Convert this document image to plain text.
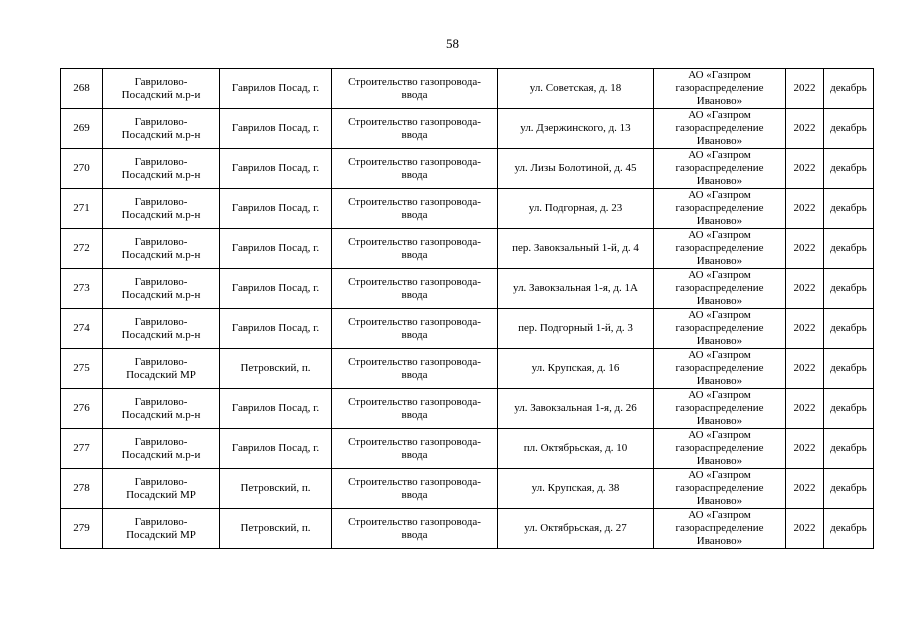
58
268	Гаврилово-
Посадский м.р-и	Гаврилов Посад, г.	Строительство газопровода-
ввода	ул. Советская, д. 18	АО «Газпром
газораспределение
Иваново»	2022	декабрь
269	Гаврилово-
Посадский м.р-н	Гаврилов Посад, г.	Строительство газопровода-
ввода	ул. Дзержинского, д. 13	АО «Газпром
газораспределение
Иваново»	2022	декабрь
270	Гаврилово-
Посадский м.р-н	Гаврилов Посад, г.	Строительство газопровода-
ввода	ул. Лизы Болотиной, д. 45	АО «Газпром
газораспределение
Иваново»	2022	декабрь
271	Гаврилово-
Посадский м.р-н	Гаврилов Посад, г.	Строительство газопровода-
ввода	ул. Подгорная, д. 23	АО «Газпром
газораспределение
Иваново»	2022	декабрь
272	Гаврилово-
Посадский м.р-н	Гаврилов Посад, г.	Строительство газопровода-
ввода	пер. Завокзальный 1-й, д. 4	АО «Газпром
газораспределение
Иваново»	2022	декабрь
273	Гаврилово-
Посадский м.р-н	Гаврилов Посад, г.	Строительство газопровода-
ввода	ул. Завокзальная 1-я, д. 1А	АО «Газпром
газораспределение
Иваново»	2022	декабрь
274	Гаврилово-
Посадский м.р-н	Гаврилов Посад, г.	Строительство газопровода-
ввода	пер. Подгорный 1-й, д. 3	АО «Газпром
газораспределение
Иваново»	2022	декабрь
275	Гаврилово-
Посадский МР	Петровский, п.	Строительство газопровода-
ввода	ул. Крупская, д. 16	АО «Газпром
газораспределение
Иваново»	2022	декабрь
276	Гаврилово-
Посадский м.р-н	Гаврилов Посад, г.	Строительство газопровода-
ввода	ул. Завокзальная 1-я, д. 26	АО «Газпром
газораспределение
Иваново»	2022	декабрь
277	Гаврилово-
Посадский м.р-и	Гаврилов Посад, г.	Строительство газопровода-
ввода	пл. Октябрьская, д. 10	АО «Газпром
газораспределение
Иваново»	2022	декабрь
278	Гаврилово-
Посадский МР	Петровский, п.	Строительство газопровода-
ввода	ул. Крупская, д. 38	АО «Газпром
газораспределение
Иваново»	2022	декабрь
279	Гаврилово-
Посадский МР	Петровский, п.	Строительство газопровода-
ввода	ул. Октябрьская, д. 27	АО «Газпром
газораспределение
Иваново»	2022	декабрь
